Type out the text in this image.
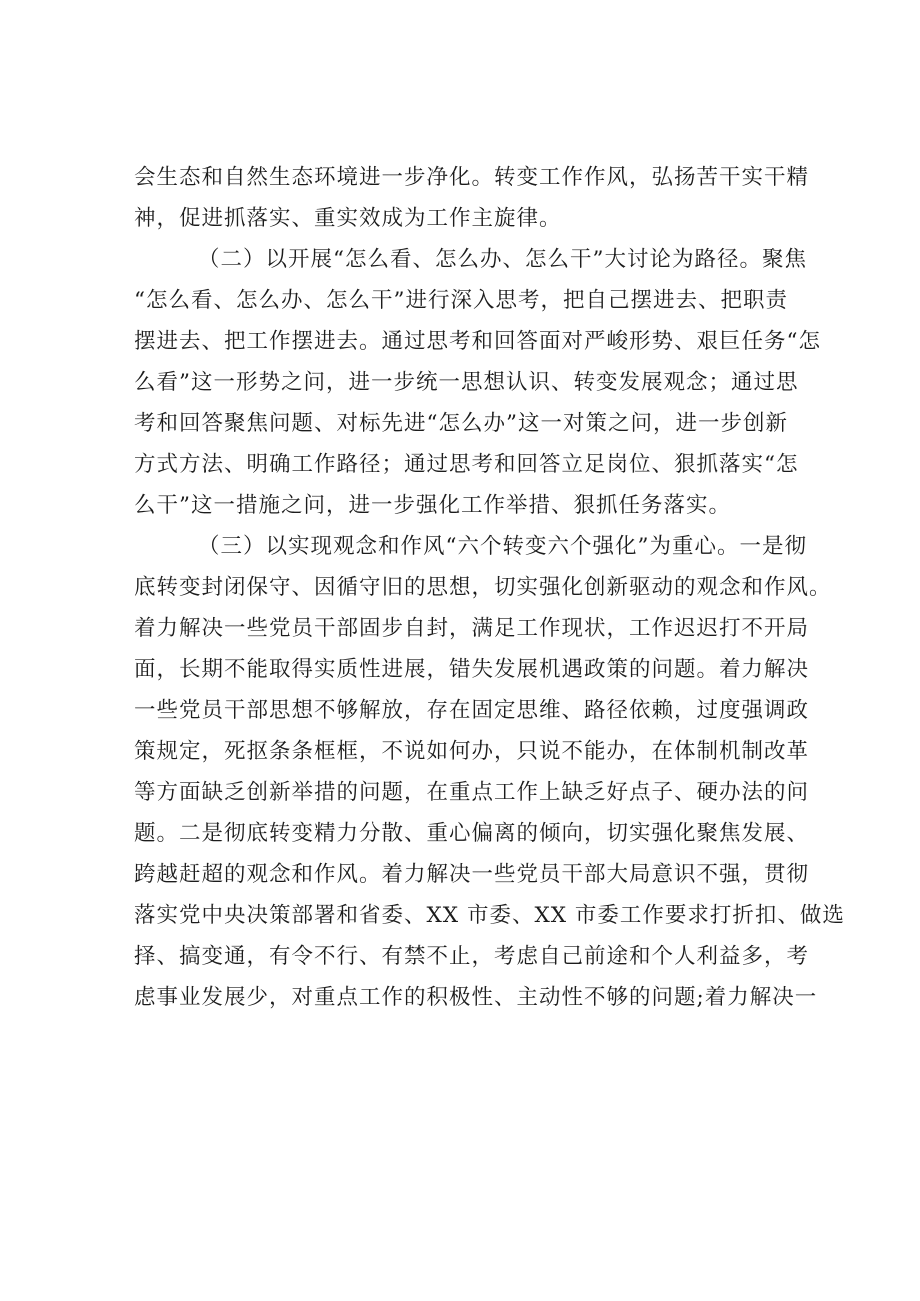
会生态和自然生态环境进一步净化。转变工作作风，弘扬苦干实干精
神，促进抓落实、重实效成为工作主旋律。
（二）以开展“怎么看、怎么办、怎么干”大讨论为路径。聚焦
“怎么看、怎么办、怎么干”进行深入思考，把自己摆进去、把职责
摆进去、把工作摆进去。通过思考和回答面对严峻形势、艰巨任务“怎
么看”这一形势之问，进一步统一思想认识、转变发展观念；通过思
考和回答聚焦问题、对标先进“怎么办”这一对策之问，进一步创新
方式方法、明确工作路径；通过思考和回答立足岗位、狠抓落实“怎
么干”这一措施之问，进一步强化工作举措、狠抓任务落实。
（三）以实现观念和作风“六个转变六个强化”为重心。一是彻
底转变封闭保守、因循守旧的思想，切实强化创新驱动的观念和作风。
着力解决一些党员干部固步自封，满足工作现状，工作迟迟打不开局
面，长期不能取得实质性进展，错失发展机遇政策的问题。着力解决
一些党员干部思想不够解放，存在固定思维、路径依赖，过度强调政
策规定，死抠条条框框，不说如何办，只说不能办，在体制机制改革
等方面缺乏创新举措的问题，在重点工作上缺乏好点子、硬办法的问
题。二是彻底转变精力分散、重心偏离的倾向，切实强化聚焦发展、
跨越赶超的观念和作风。着力解决一些党员干部大局意识不强，贯彻
落实党中央决策部署和省委、XX 市委、XX 市委工作要求打折扣、做选
择、搞变通，有令不行、有禁不止，考虑自己前途和个人利益多，考
虑事业发展少，对重点工作的积极性、主动性不够的问题;着力解决一
